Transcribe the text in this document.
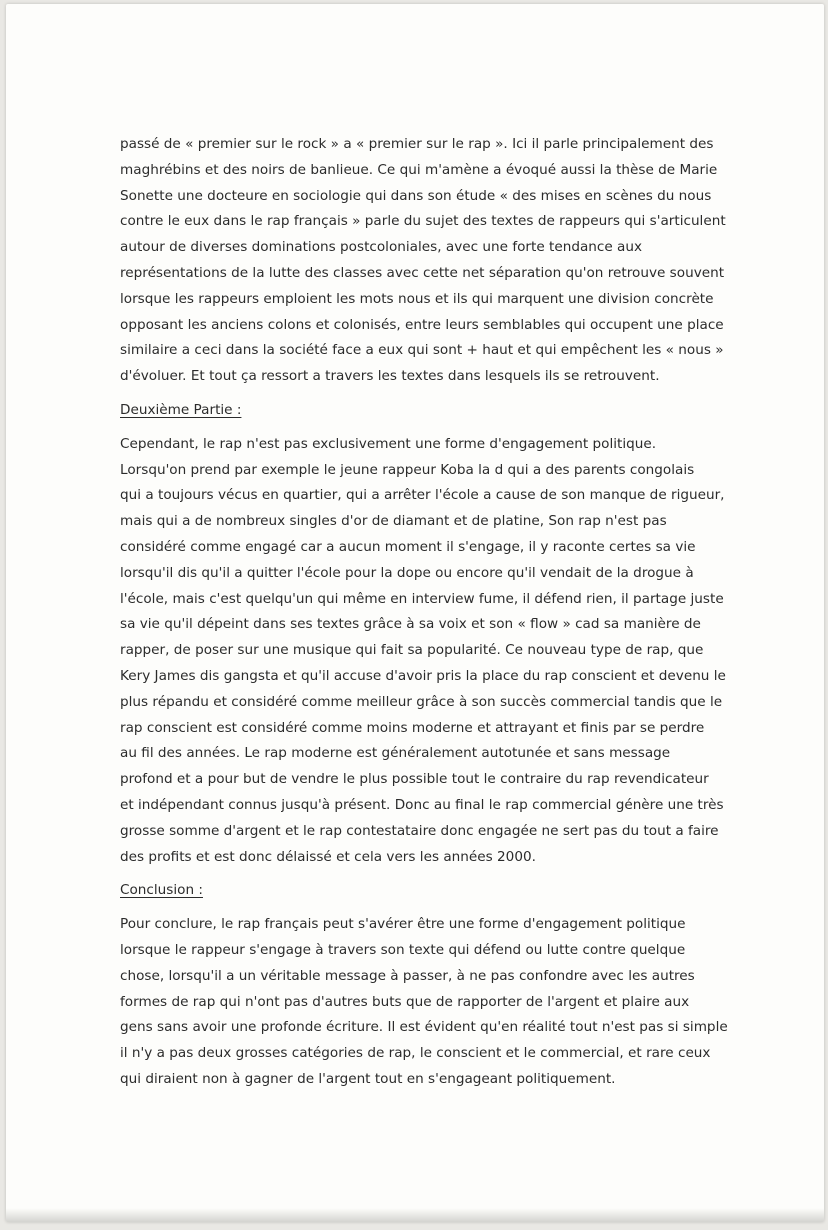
passé de « premier sur le rock » a « premier sur le rap ». Ici il parle principalement des
maghrébins et des noirs de banlieue. Ce qui m'amène a évoqué aussi la thèse de Marie
Sonette une docteure en sociologie qui dans son étude « des mises en scènes du nous
contre le eux dans le rap français » parle du sujet des textes de rappeurs qui s'articulent
autour de diverses dominations postcoloniales, avec une forte tendance aux
représentations de la lutte des classes avec cette net séparation qu'on retrouve souvent
lorsque les rappeurs emploient les mots nous et ils qui marquent une division concrète
opposant les anciens colons et colonisés, entre leurs semblables qui occupent une place
similaire a ceci dans la société face a eux qui sont + haut et qui empêchent les « nous »
d'évoluer. Et tout ça ressort a travers les textes dans lesquels ils se retrouvent.

Deuxième Partie :

Cependant, le rap n'est pas exclusivement une forme d'engagement politique.
Lorsqu'on prend par exemple le jeune rappeur Koba la d qui a des parents congolais
qui a toujours vécus en quartier, qui a arrêter l'école a cause de son manque de rigueur,
mais qui a de nombreux singles d'or de diamant et de platine, Son rap n'est pas
considéré comme engagé car a aucun moment il s'engage, il y raconte certes sa vie
lorsqu'il dis qu'il a quitter l'école pour la dope ou encore qu'il vendait de la drogue à
l'école, mais c'est quelqu'un qui même en interview fume, il défend rien, il partage juste
sa vie qu'il dépeint dans ses textes grâce à sa voix et son « flow » cad sa manière de
rapper, de poser sur une musique qui fait sa popularité. Ce nouveau type de rap, que
Kery James dis gangsta et qu'il accuse d'avoir pris la place du rap conscient et devenu le
plus répandu et considéré comme meilleur grâce à son succès commercial tandis que le
rap conscient est considéré comme moins moderne et attrayant et finis par se perdre
au fil des années. Le rap moderne est généralement autotunée et sans message
profond et a pour but de vendre le plus possible tout le contraire du rap revendicateur
et indépendant connus jusqu'à présent. Donc au final le rap commercial génère une très
grosse somme d'argent et le rap contestataire donc engagée ne sert pas du tout a faire
des profits et est donc délaissé et cela vers les années 2000.

Conclusion :

Pour conclure, le rap français peut s'avérer être une forme d'engagement politique
lorsque le rappeur s'engage à travers son texte qui défend ou lutte contre quelque
chose, lorsqu'il a un véritable message à passer, à ne pas confondre avec les autres
formes de rap qui n'ont pas d'autres buts que de rapporter de l'argent et plaire aux
gens sans avoir une profonde écriture. Il est évident qu'en réalité tout n'est pas si simple
il n'y a pas deux grosses catégories de rap, le conscient et le commercial, et rare ceux
qui diraient non à gagner de l'argent tout en s'engageant politiquement.
